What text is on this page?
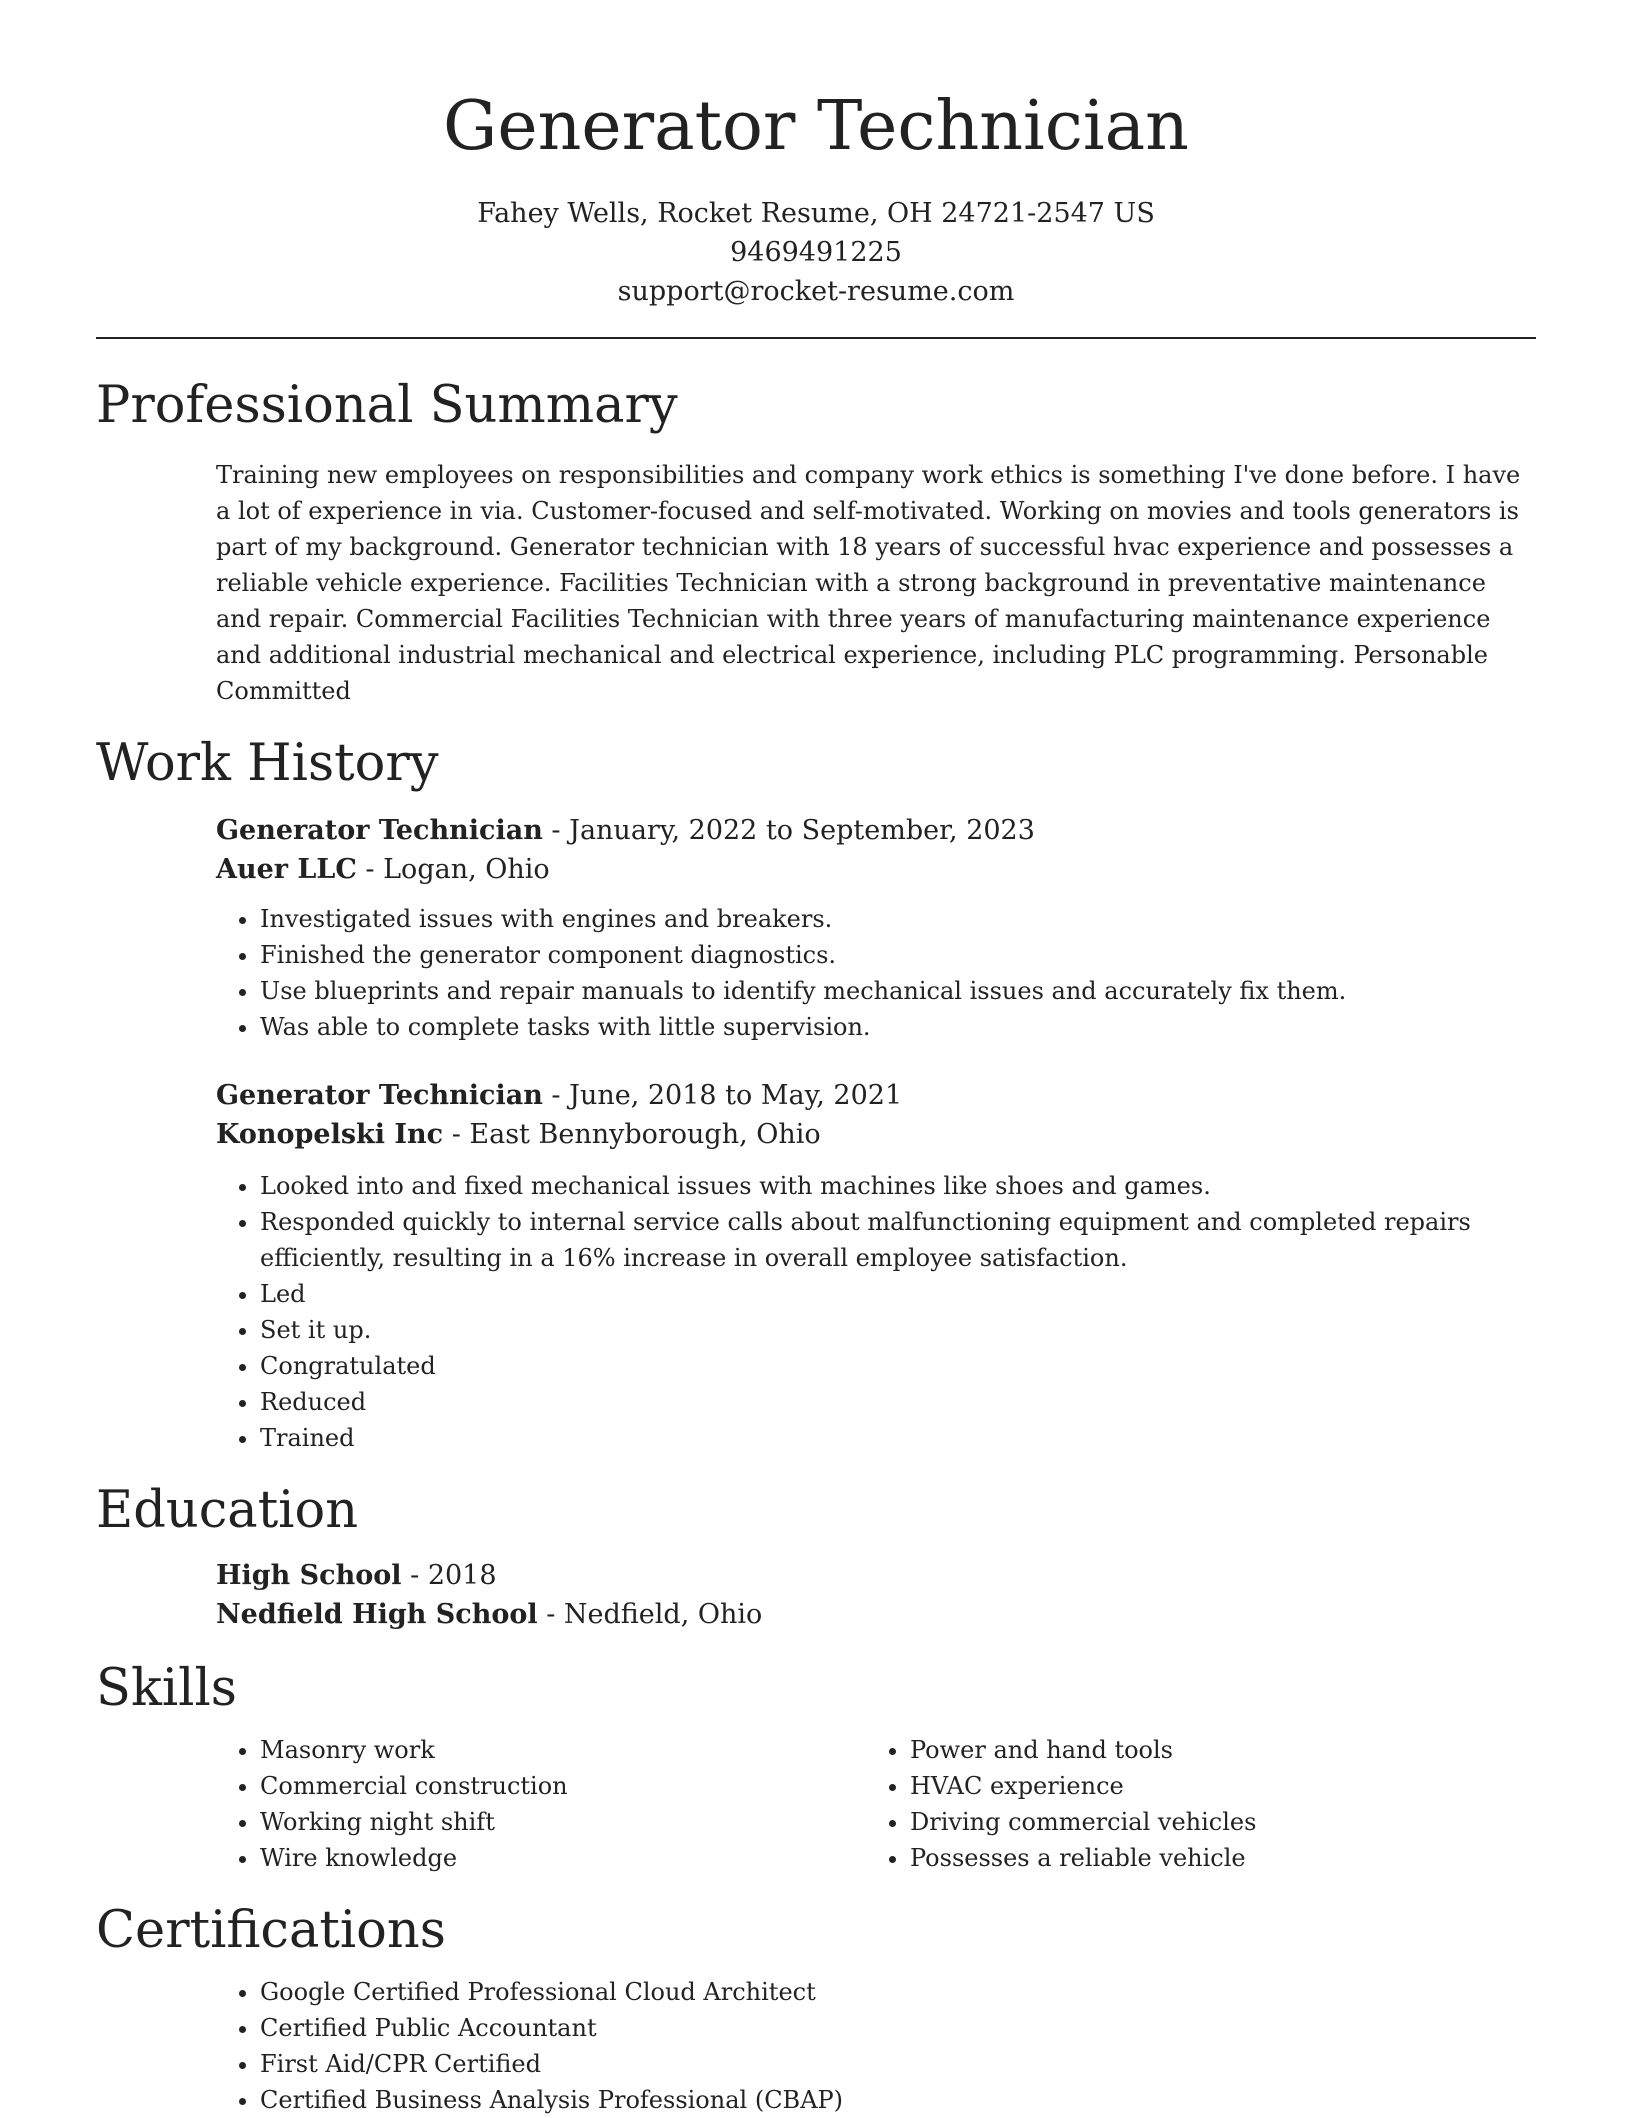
Generator Technician
Fahey Wells, Rocket Resume, OH 24721-2547 US
9469491225
support@rocket-resume.com
Professional Summary

Training new employees on responsibilities and company work ethics is something I've done before. I have a lot of experience in via. Customer-focused and self-motivated. Working on movies and tools generators is part of my background. Generator technician with 18 years of successful hvac experience and possesses a reliable vehicle experience. Facilities Technician with a strong background in preventative maintenance and repair. Commercial Facilities Technician with three years of manufacturing maintenance experience and additional industrial mechanical and electrical experience, including PLC programming. Personable Committed

Work History
Generator Technician - January, 2022 to September, 2023
Auer LLC - Logan, Ohio
• Investigated issues with engines and breakers.
• Finished the generator component diagnostics.
• Use blueprints and repair manuals to identify mechanical issues and accurately fix them.
• Was able to complete tasks with little supervision.
Generator Technician - June, 2018 to May, 2021
Konopelski Inc - East Bennyborough, Ohio
• Looked into and fixed mechanical issues with machines like shoes and games.
• Responded quickly to internal service calls about malfunctioning equipment and completed repairs efficiently, resulting in a 16% increase in overall employee satisfaction.
• Led
• Set it up.
• Congratulated
• Reduced
• Trained
Education
High School - 2018
Nedfield High School - Nedfield, Ohio
Skills
• Masonry work
• Commercial construction
• Working night shift
• Wire knowledge
• Power and hand tools
• HVAC experience
• Driving commercial vehicles
• Possesses a reliable vehicle
Certifications
• Google Certified Professional Cloud Architect
• Certified Public Accountant
• First Aid/CPR Certified
• Certified Business Analysis Professional (CBAP)
